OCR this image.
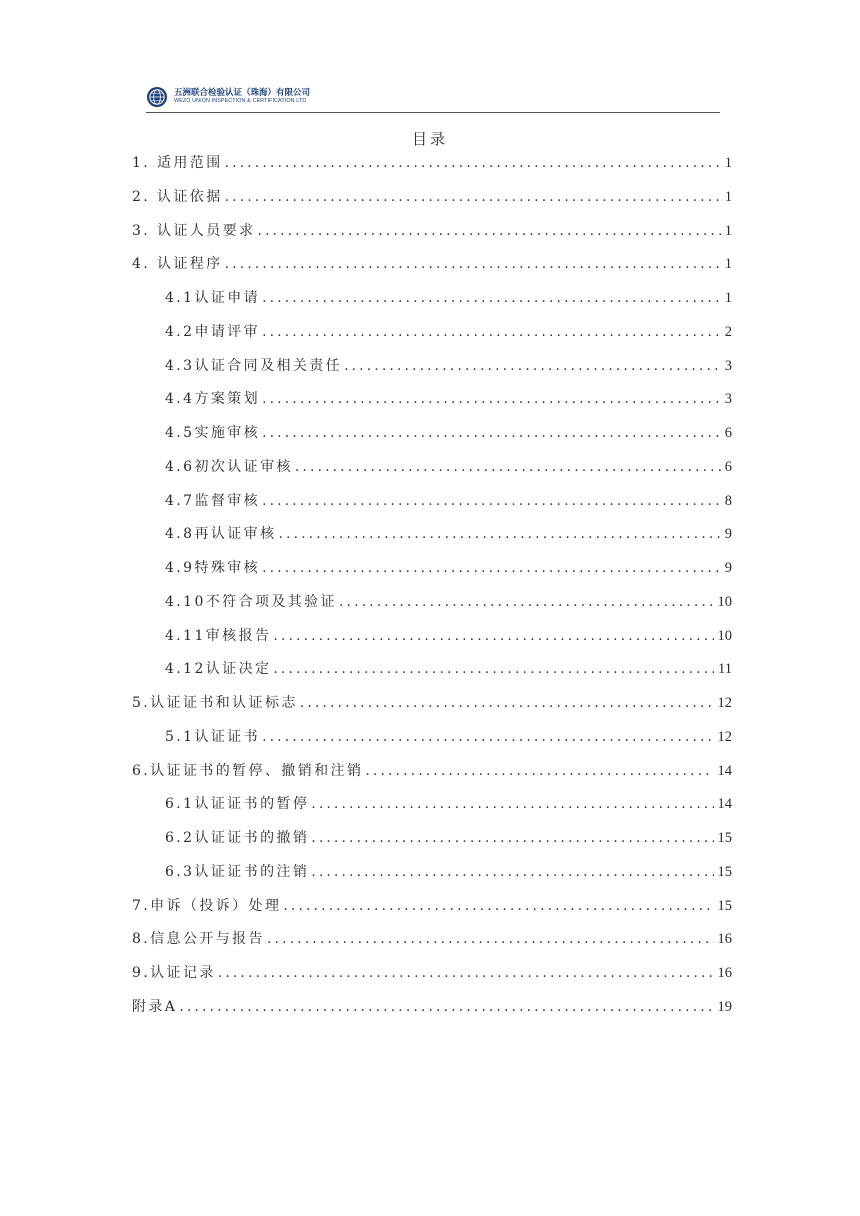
五洲联合检验认证（珠海）有限公司
WEZO UNION INSPECTION & CERTIFICATION LTD
目录
1. 适用范围 .....	1
2. 认证依据 .....	1
3. 认证人员要求 .....	1
4. 认证程序 .....	1
4.1认证申请 .....	1
4.2申请评审 .....	2
4.3认证合同及相关责任 .....	3
4.4方案策划 .....	3
4.5实施审核 .....	6
4.6初次认证审核 .....	6
4.7监督审核 .....	8
4.8再认证审核 .....	9
4.9特殊审核 .....	9
4.10不符合项及其验证 .....	10
4.11审核报告 .....	10
4.12认证决定 .....	11
5.认证证书和认证标志 .....	12
5.1认证证书 .....	12
6.认证证书的暂停、撤销和注销 .....	14
6.1认证证书的暂停 .....	14
6.2认证证书的撤销 .....	15
6.3认证证书的注销 .....	15
7.申诉（投诉）处理 .....	15
8.信息公开与报告 .....	16
9.认证记录 .....	16
附录A .....	19
